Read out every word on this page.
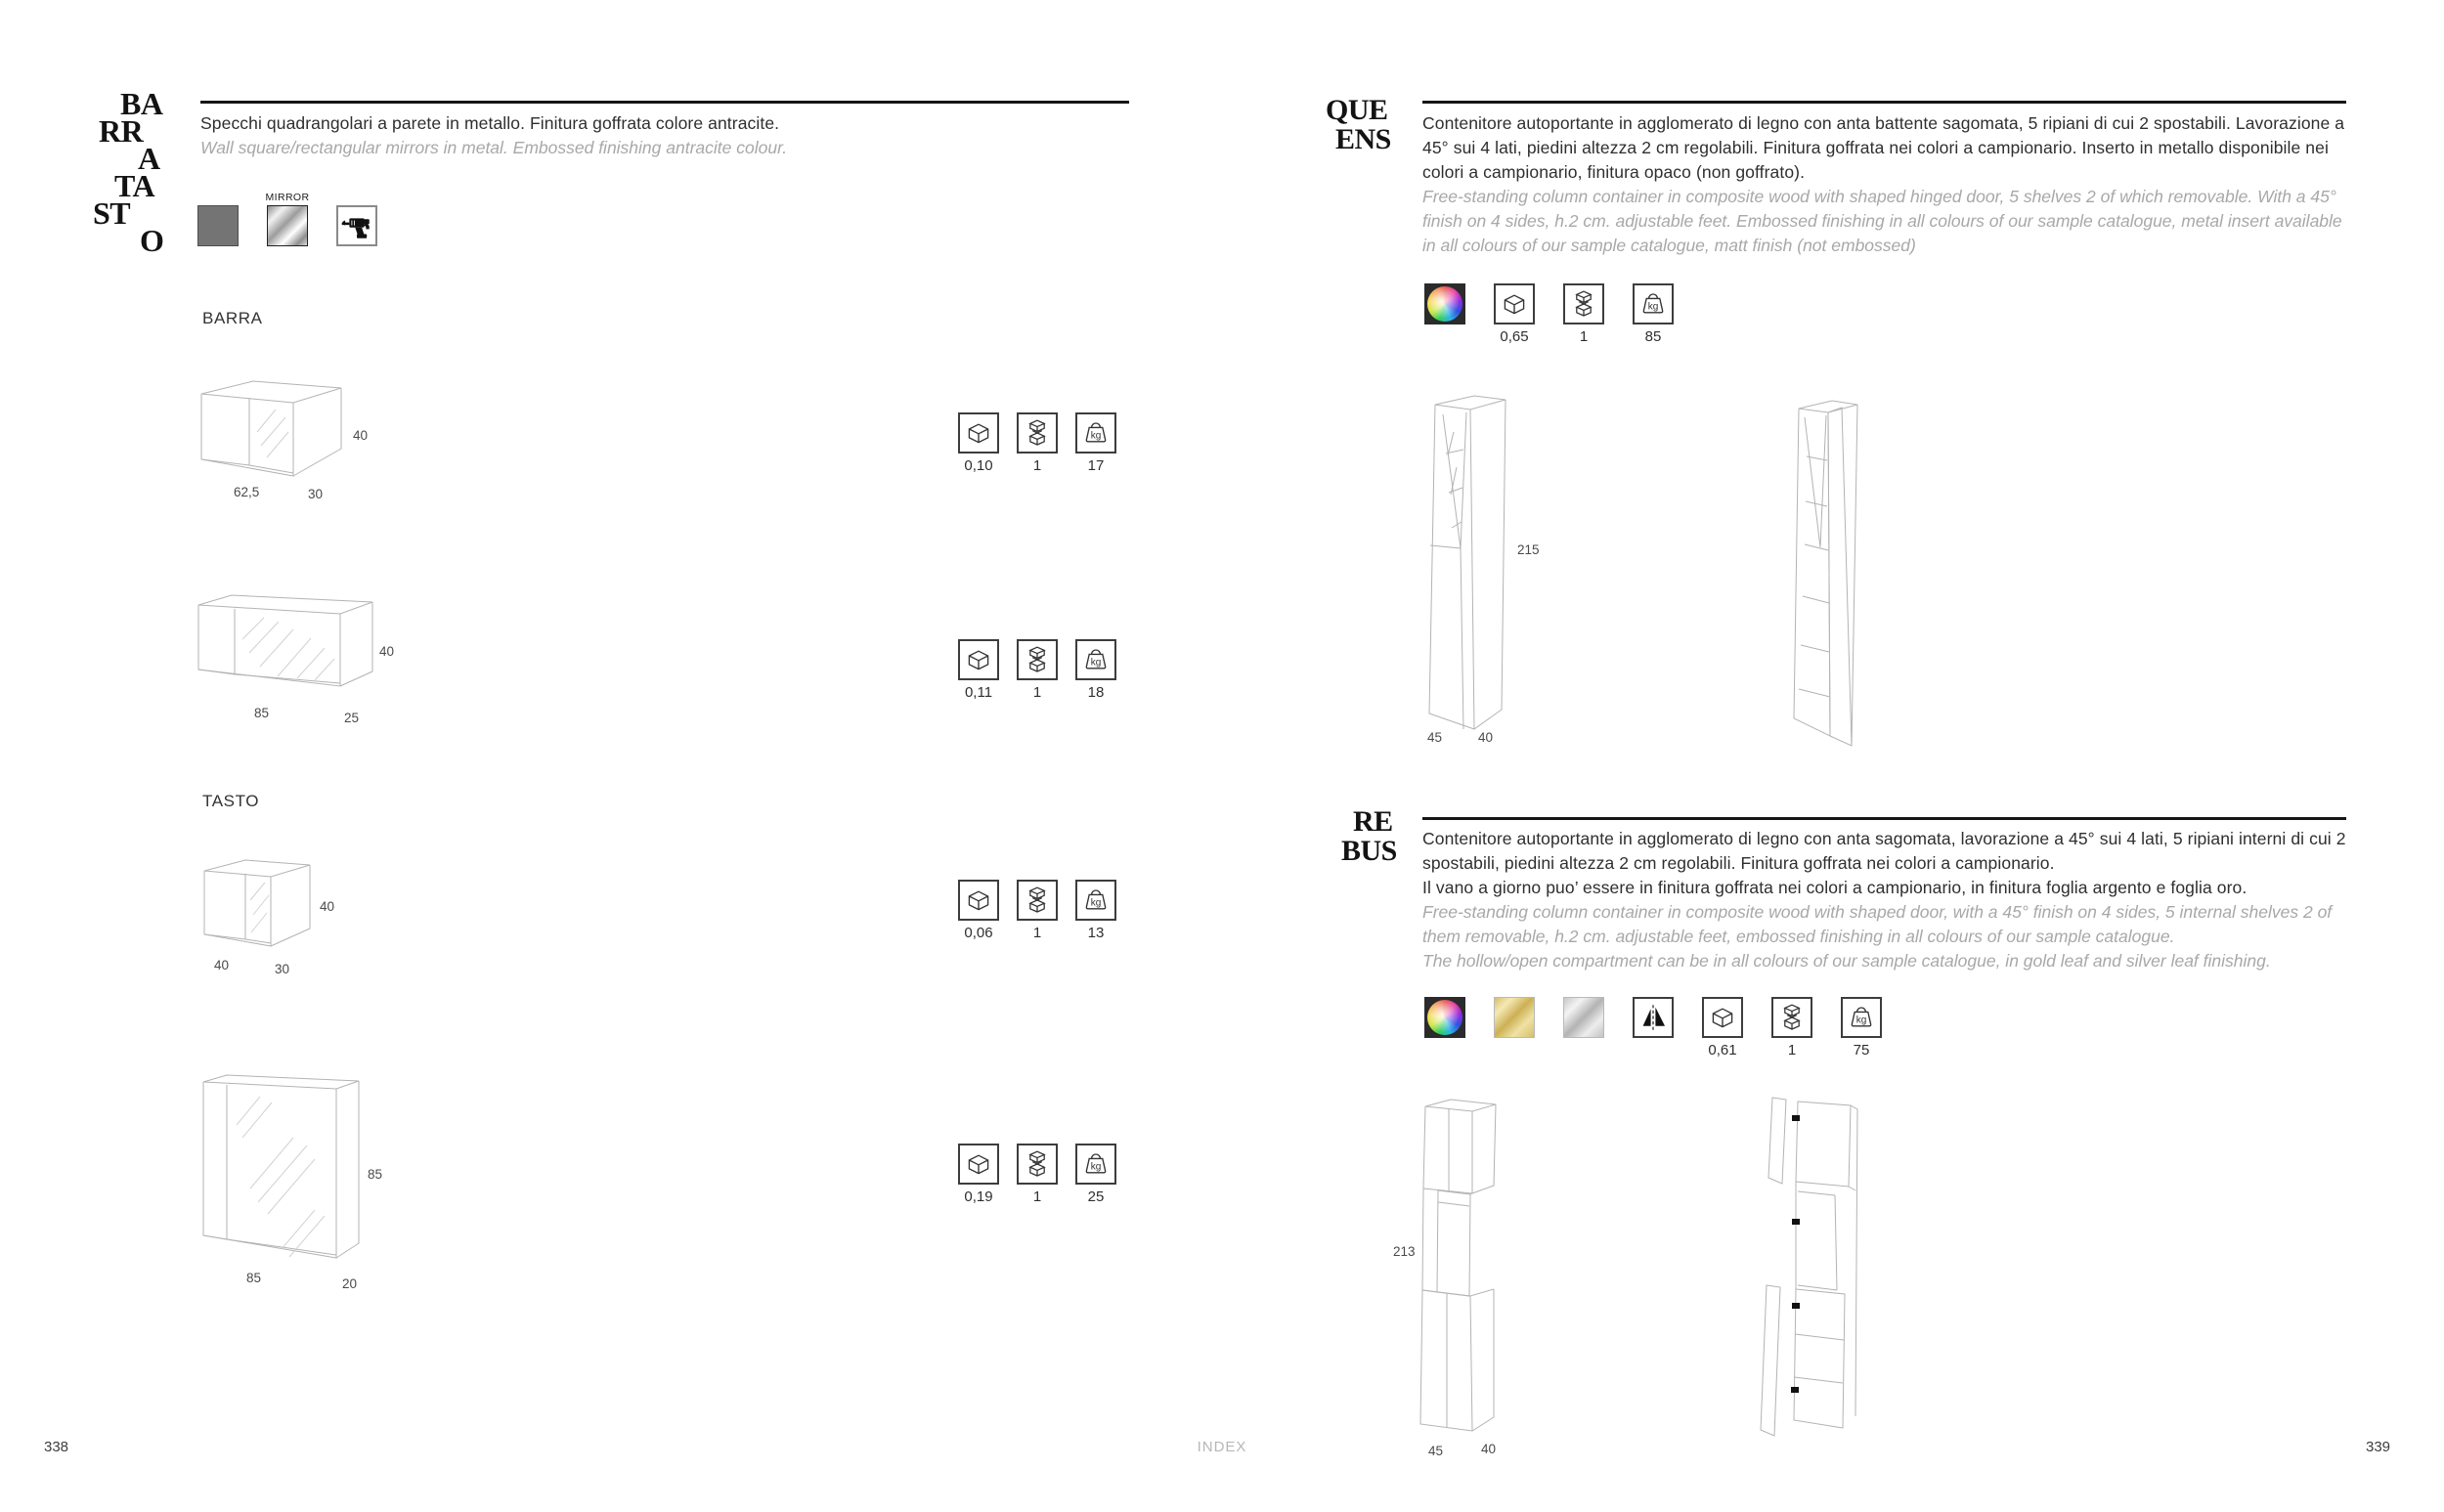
BA
RR
A
TA
ST
O
Specchi quadrangolari a parete in metallo. Finitura goffrata colore antracite.
Wall square/rectangular mirrors in metal. Embossed finishing antracite colour.
MIRROR
BARRA
40
62,5	30
0,10	1
kg
17
40
85	25
0,11	1
kg
18
TASTO
40
40	30
0,06	1
kg
13
85
85	20
0,19	1
kg
25
QUE
ENS Contenitore autoportante in agglomerato di legno con anta battente sagomata, 5 ripiani di cui 2 spostabili. Lavorazione a 45° sui 4 lati, piedini altezza 2 cm regolabili. Finitura goffrata nei colori a campionario. Inserto in metallo disponibile nei colori a campionario, finitura opaco (non goffrato).
Free-standing column container in composite wood with shaped hinged door, 5 shelves 2 of which removable. With a 45° finish on 4 sides, h.2 cm. adjustable feet. Embossed finishing in all colours of our sample catalogue, metal insert available in all colours of our sample catalogue, matt finish (not embossed)
0,65	1
kg
85
215
45	40
RE
BUS Contenitore autoportante in agglomerato di legno con anta sagomata, lavorazione a 45° sui 4 lati, 5 ripiani interni di cui 2 spostabili, piedini altezza 2 cm regolabili. Finitura goffrata nei colori a campionario.
Il vano a giorno puo’ essere in finitura goffrata nei colori a campionario, in finitura foglia argento e foglia oro.
Free-standing column container in composite wood with shaped door, with a 45° finish on 4 sides, 5 internal shelves 2 of them removable, h.2 cm. adjustable feet, embossed finishing in all colours of our sample catalogue.
The hollow/open compartment can be in all colours of our sample catalogue, in gold leaf and silver leaf finishing.
0,61	1
kg
75
213
45	40
338	INDEX	339
